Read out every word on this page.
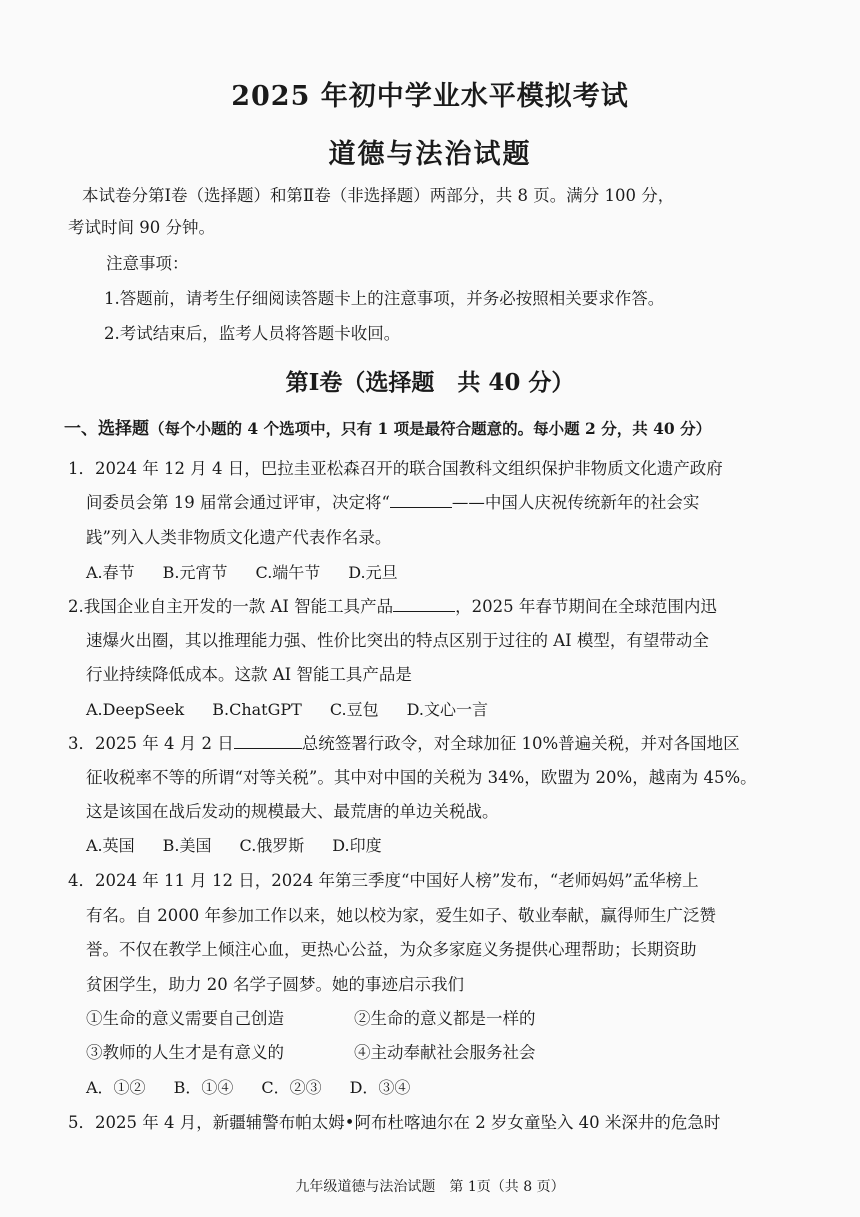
2025 年初中学业水平模拟考试
道德与法治试题
本试卷分第Ⅰ卷（选择题）和第Ⅱ卷（非选择题）两部分，共 8 页。满分 100 分，
考试时间 90 分钟。
注意事项：
1.答题前，请考生仔细阅读答题卡上的注意事项，并务必按照相关要求作答。
2.考试结束后，监考人员将答题卡收回。
第Ⅰ卷（选择题　共 40 分）
一、选择题（每个小题的 4 个选项中，只有 1 项是最符合题意的。每小题 2 分，共 40 分）
1．2024 年 12 月 4 日，巴拉圭亚松森召开的联合国教科文组织保护非物质文化遗产政府
间委员会第 19 届常会通过评审，决定将“	——中国人庆祝传统新年的社会实
践”列入人类非物质文化遗产代表作名录。
A.春节 B.元宵节 C.端午节 D.元旦
2.我国企业自主开发的一款 AI 智能工具产品	，2025 年春节期间在全球范围内迅
速爆火出圈，其以推理能力强、性价比突出的特点区别于过往的 AI 模型，有望带动全
行业持续降低成本。这款 AI 智能工具产品是
A.DeepSeek B.ChatGPT C.豆包 D.文心一言
3．2025 年 4 月 2 日	总统签署行政令，对全球加征 10%普遍关税，并对各国地区
征收税率不等的所谓“对等关税”。其中对中国的关税为 34%，欧盟为 20%，越南为 45%。
这是该国在战后发动的规模最大、最荒唐的单边关税战。
A.英国 B.美国 C.俄罗斯 D.印度
4．2024 年 11 月 12 日，2024 年第三季度“中国好人榜”发布，“老师妈妈”孟华榜上
有名。自 2000 年参加工作以来，她以校为家，爱生如子、敬业奉献，赢得师生广泛赞
誉。不仅在教学上倾注心血，更热心公益，为众多家庭义务提供心理帮助；长期资助
贫困学生，助力 20 名学子圆梦。她的事迹启示我们
①生命的意义需要自己创造	②生命的意义都是一样的
③教师的人生才是有意义的	④主动奉献社会服务社会
A．①② B．①④ C．②③ D．③④
5．2025 年 4 月，新疆辅警布帕太姆•阿布杜喀迪尔在 2 岁女童坠入 40 米深井的危急时
九年级道德与法治试题　第 1页（共 8 页）
